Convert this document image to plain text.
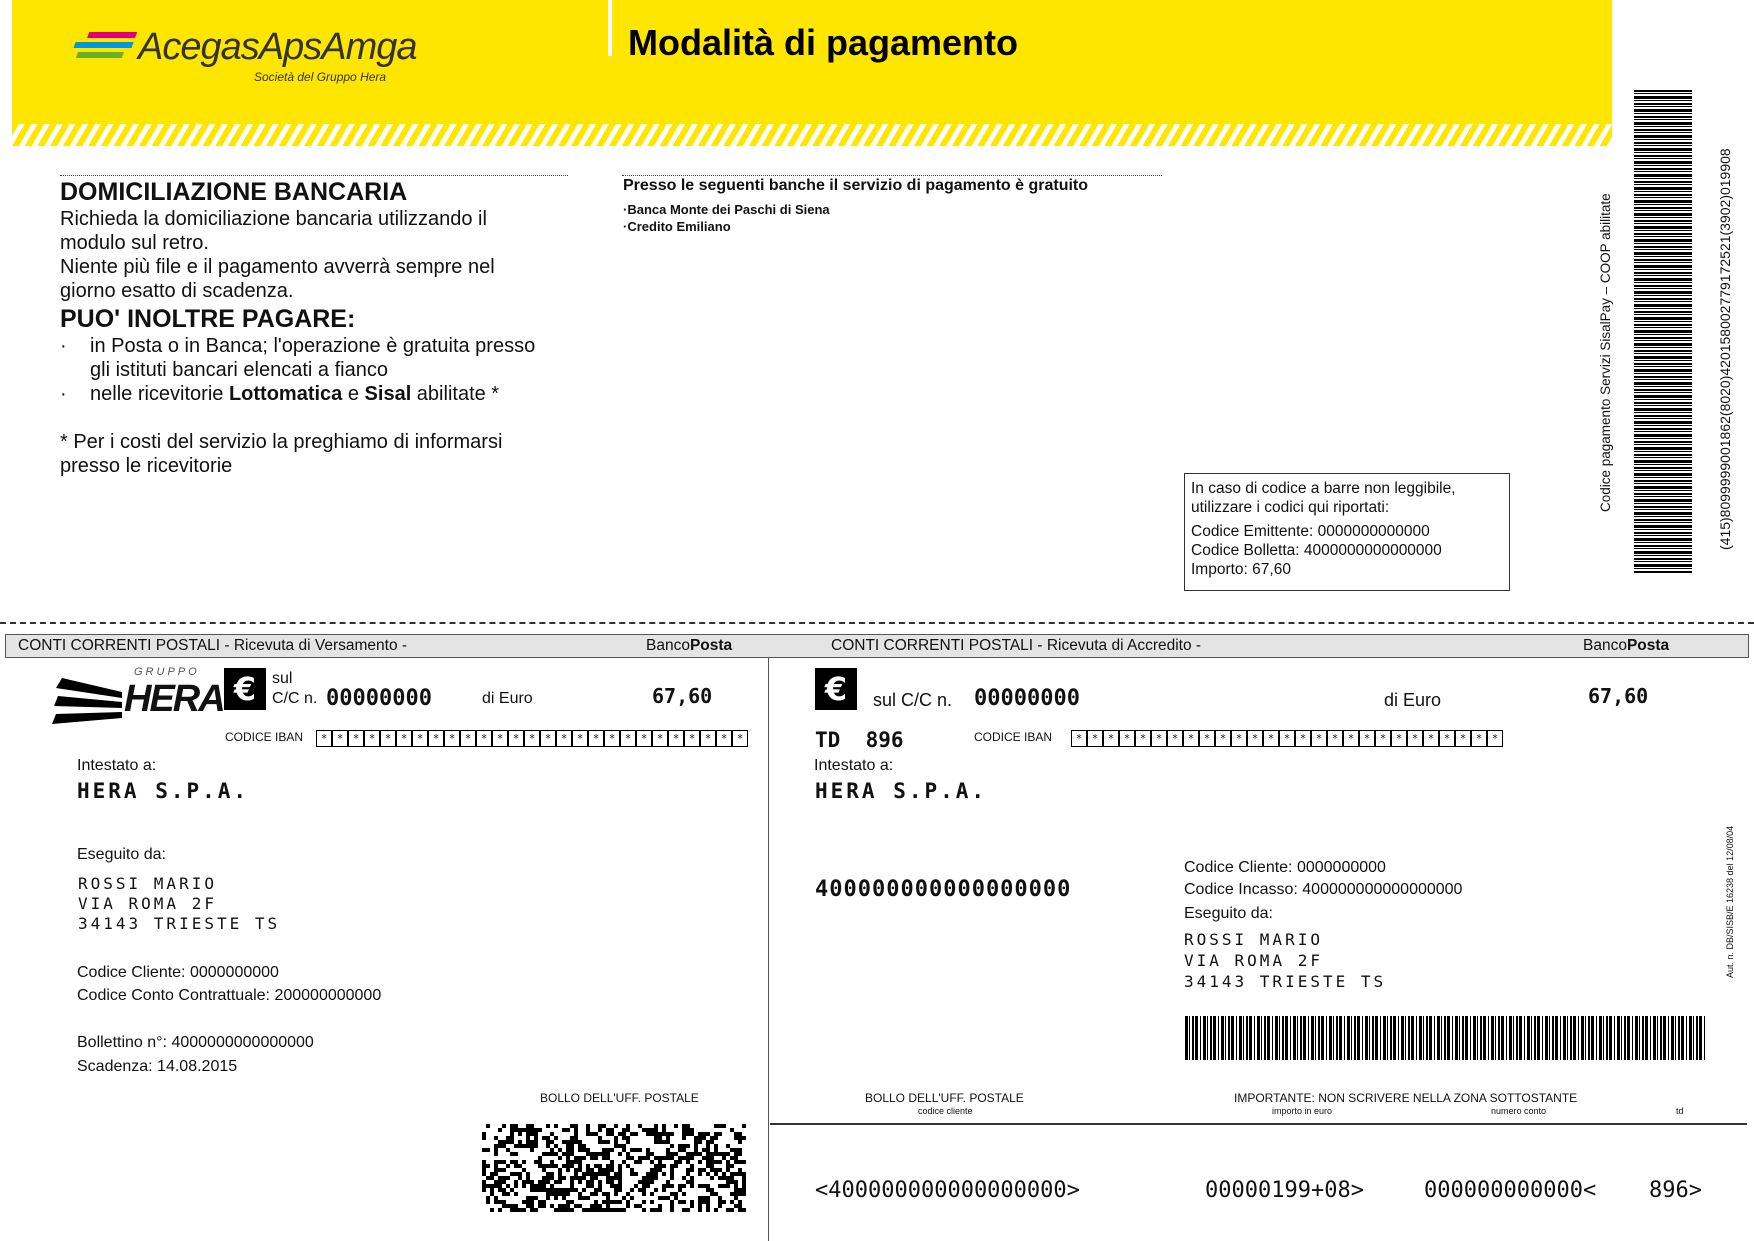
AcegasApsAmga
Società del Gruppo Hera
Modalità di pagamento
DOMICILIAZIONE BANCARIA
Richieda la domiciliazione bancaria utilizzando il
modulo sul retro.
Niente più file e il pagamento avverrà sempre nel
giorno esatto di scadenza.
PUO' INOLTRE PAGARE:
· in Posta o in Banca; l'operazione è gratuita presso
gli istituti bancari elencati a fianco
· nelle ricevitorie Lottomatica e Sisal abilitate *
* Per i costi del servizio la preghiamo di informarsi
presso le ricevitorie
Presso le seguenti banche il servizio di pagamento è gratuito
·Banca Monte dei Paschi di Siena
·Credito Emiliano
In caso di codice a barre non leggibile,
utilizzare i codici qui riportati:
Codice Emittente: 0000000000000
Codice Bolletta: 4000000000000000
Importo: 67,60
Codice pagamento Servizi SisalPay – COOP abilitate	(415)8099999001862(8020)42015800277917252​1(3902)019908
CONTI CORRENTI POSTALI - Ricevuta di Versamento -	BancoPosta	CONTI CORRENTI POSTALI - Ricevuta di Accredito -	BancoPosta
GRUPPO
HERA € sul
C/C n. 00000000	di Euro	67,60
CODICE IBAN	* * * * * * * * * * * * * * * * * * * * * * * * * * *
Intestato a:
HERA S.P.A.
Eseguito da:
ROSSI MARIO
VIA ROMA 2F
34143 TRIESTE TS
Codice Cliente: 0000000000
Codice Conto Contrattuale: 200000000000
Bollettino n°: 4000000000000000
Scadenza: 14.08.2015
BOLLO DELL'UFF. POSTALE
€	sul C/C n. 00000000	di Euro	67,60
TD  896	CODICE IBAN	* * * * * * * * * * * * * * * * * * * * * * * * * * *
Intestato a:
HERA S.P.A.
400000000000000000
Codice Cliente: 0000000000
Codice Incasso: 400000000000000000
Eseguito da:
ROSSI MARIO
VIA ROMA 2F
34143 TRIESTE TS
Aut. n. DB/SISB/E 16238 del 12/08/04
BOLLO DELL'UFF. POSTALE
codice cliente
IMPORTANTE: NON SCRIVERE NELLA ZONA SOTTOSTANTE
importo in euro	numero conto	td
<400000000000000000>	00000199+08>	000000000000< 896>
